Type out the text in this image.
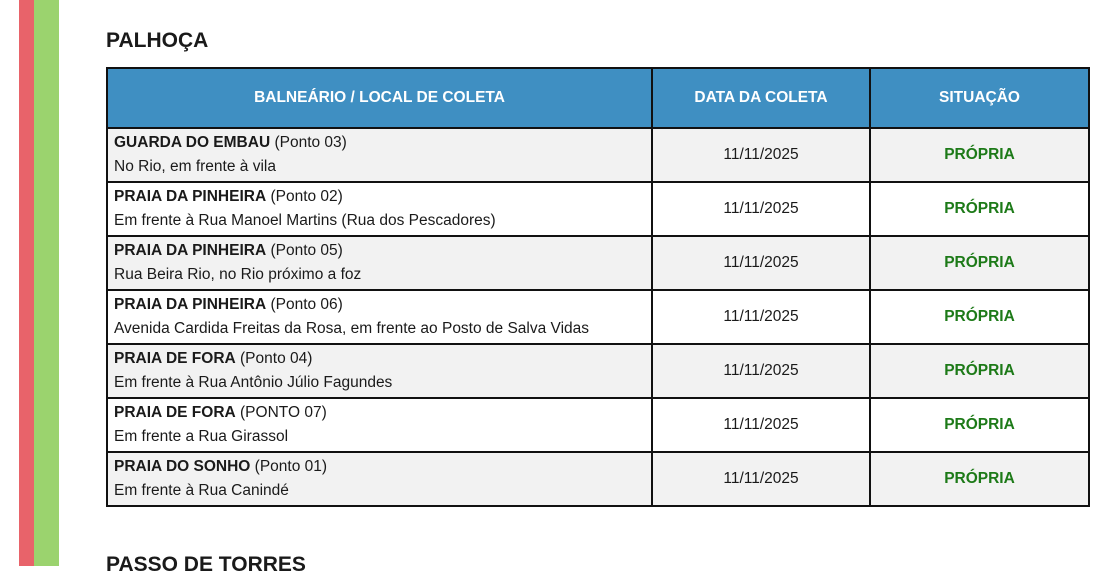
PALHOÇA
BALNEÁRIO / LOCAL DE COLETA	DATA DA COLETA	SITUAÇÃO
GUARDA DO EMBAU (Ponto 03)
No Rio, em frente à vila	11/11/2025	PRÓPRIA
PRAIA DA PINHEIRA (Ponto 02)
Em frente à Rua Manoel Martins (Rua dos Pescadores)	11/11/2025	PRÓPRIA
PRAIA DA PINHEIRA (Ponto 05)
Rua Beira Rio, no Rio próximo a foz	11/11/2025	PRÓPRIA
PRAIA DA PINHEIRA (Ponto 06)
Avenida Cardida Freitas da Rosa, em frente ao Posto de Salva Vidas	11/11/2025	PRÓPRIA
PRAIA DE FORA (Ponto 04)
Em frente à Rua Antônio Júlio Fagundes	11/11/2025	PRÓPRIA
PRAIA DE FORA (PONTO 07)
Em frente a Rua Girassol	11/11/2025	PRÓPRIA
PRAIA DO SONHO (Ponto 01)
Em frente à Rua Canindé	11/11/2025	PRÓPRIA
PASSO DE TORRES
